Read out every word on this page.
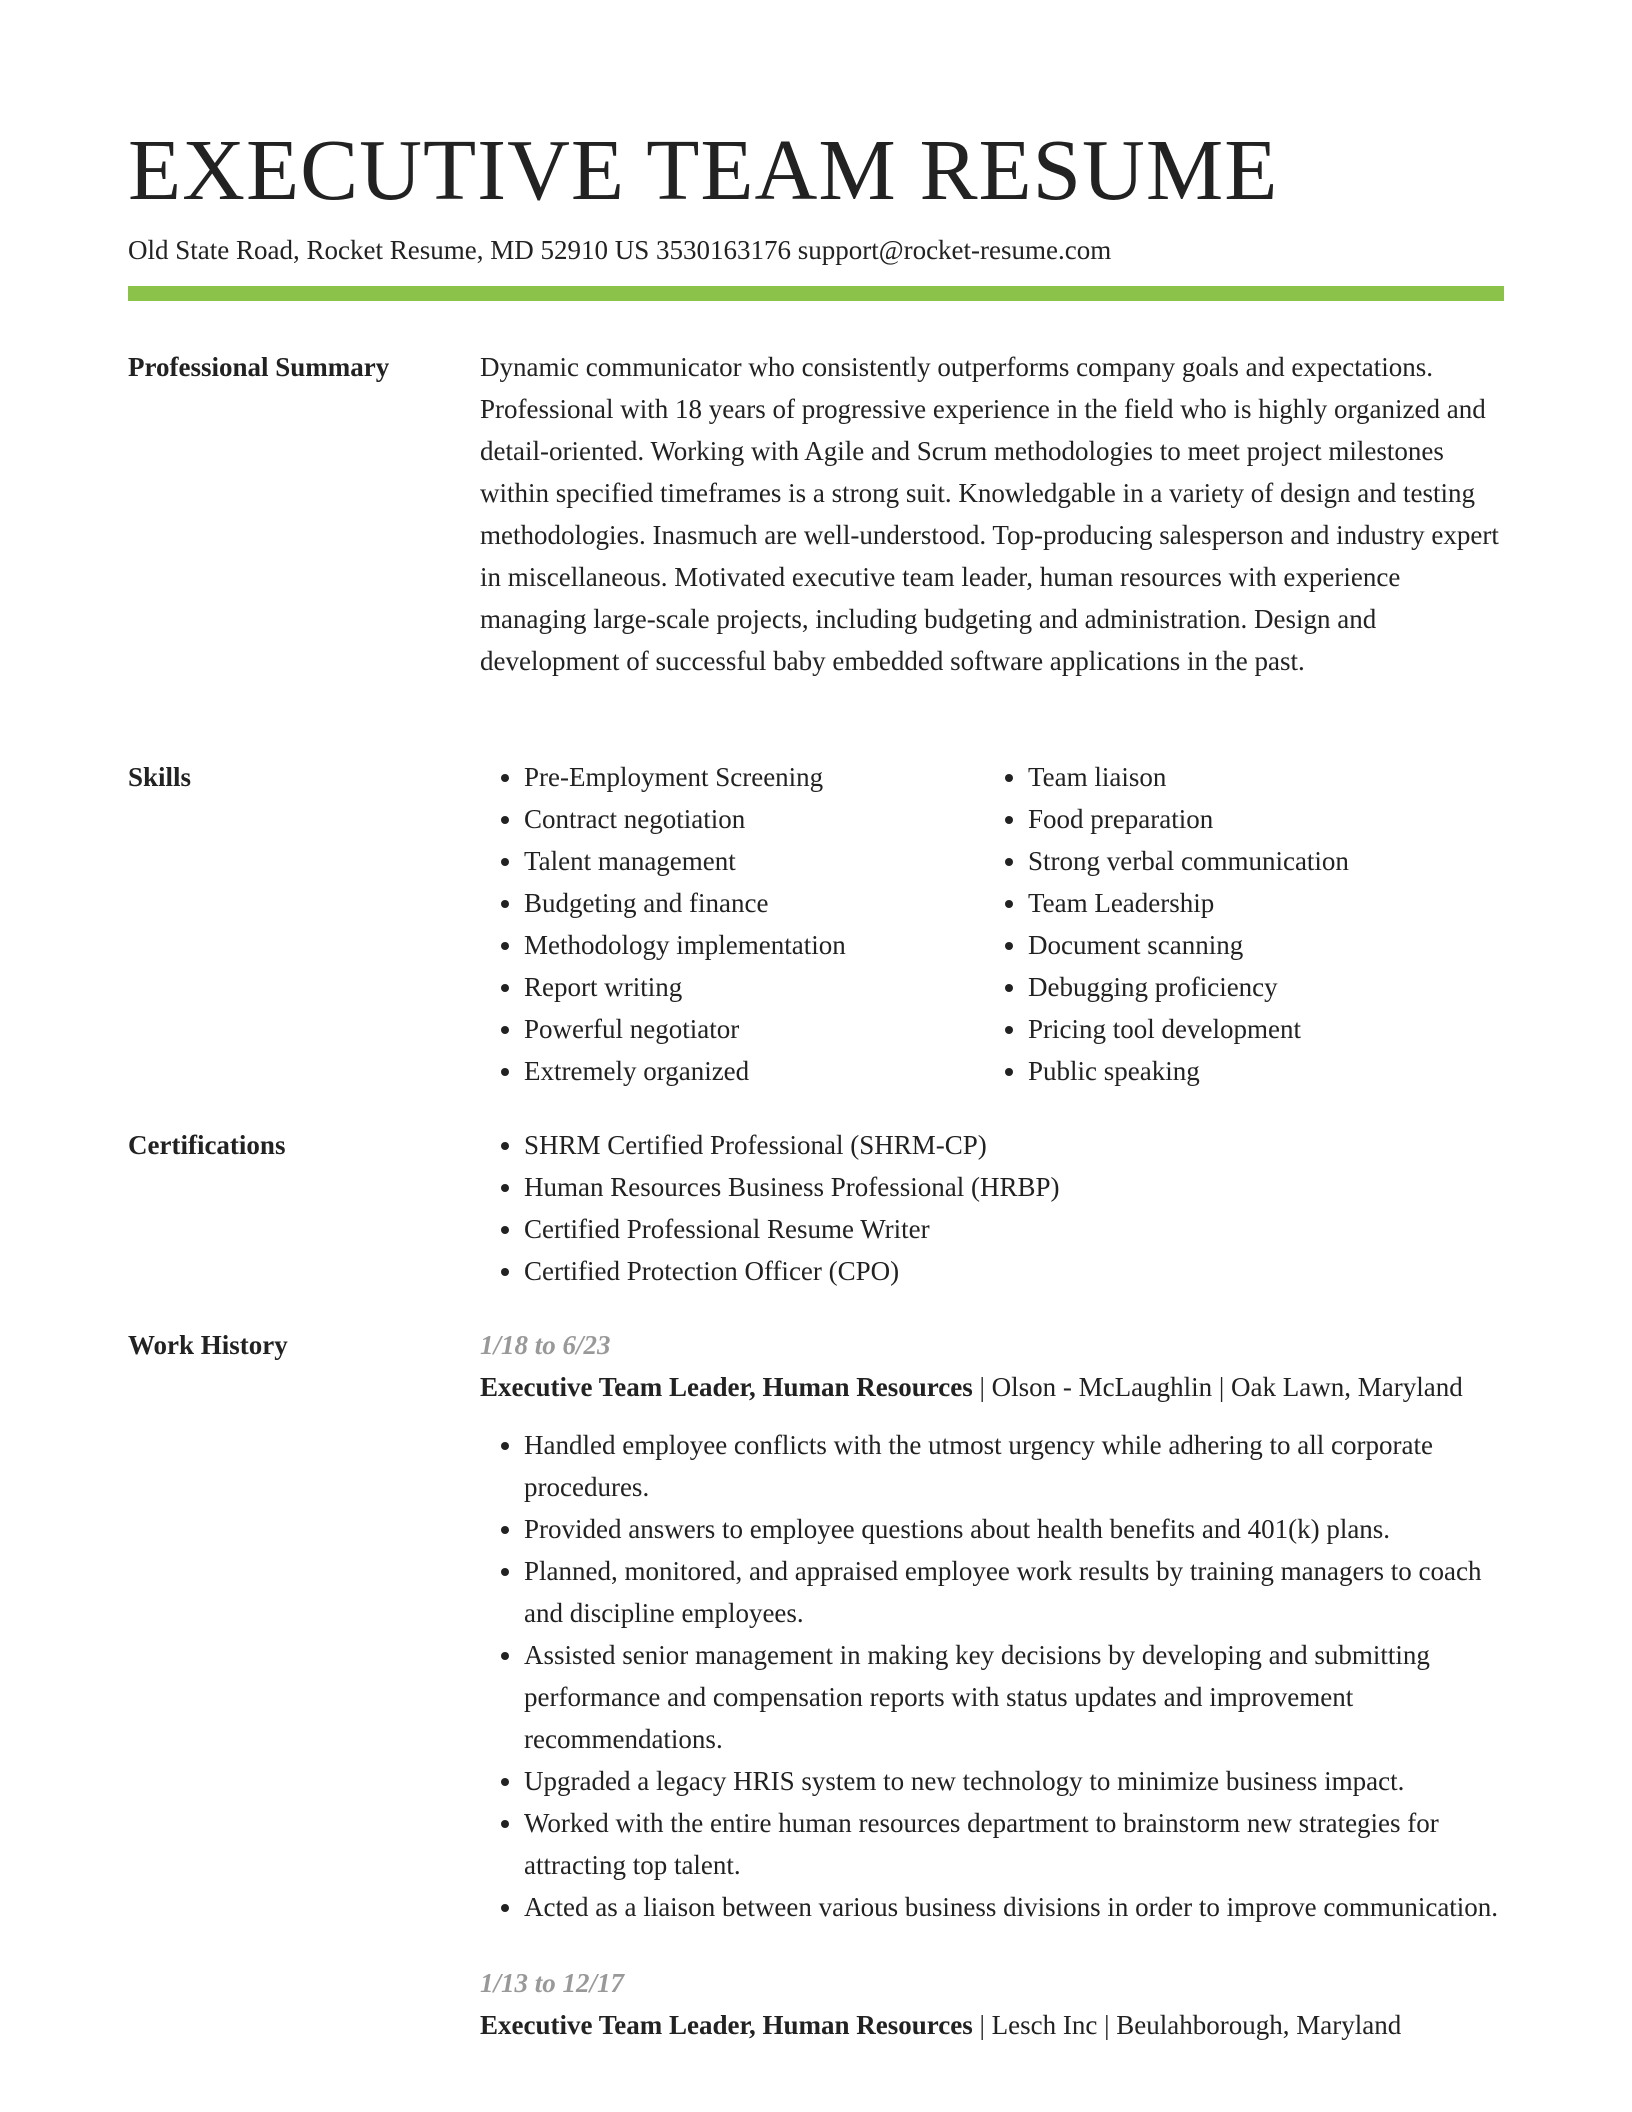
EXECUTIVE TEAM RESUME
Old State Road, Rocket Resume, MD 52910 US 3530163176 support@rocket-resume.com
Professional Summary	Dynamic communicator who consistently outperforms company goals and expectations. Professional with 18 years of progressive experience in the field who is highly organized and detail-oriented. Working with Agile and Scrum methodologies to meet project milestones within specified timeframes is a strong suit. Knowledgable in a variety of design and testing methodologies. Inasmuch are well-understood. Top-producing salesperson and industry expert in miscellaneous. Motivated executive team leader, human resources with experience managing large-scale projects, including budgeting and administration. Design and development of successful baby embedded software applications in the past.

Skills	• Pre-Employment Screening
• Contract negotiation
• Talent management
• Budgeting and finance
• Methodology implementation
• Report writing
• Powerful negotiator
• Extremely organized
• Team liaison
• Food preparation
• Strong verbal communication
• Team Leadership
• Document scanning
• Debugging proficiency
• Pricing tool development
• Public speaking
Certifications	• SHRM Certified Professional (SHRM-CP)
• Human Resources Business Professional (HRBP)
• Certified Professional Resume Writer
• Certified Protection Officer (CPO)
Work History	1/18 to 6/23
Executive Team Leader, Human Resources | Olson - McLaughlin | Oak Lawn, Maryland
• Handled employee conflicts with the utmost urgency while adhering to all corporate procedures.
• Provided answers to employee questions about health benefits and 401(k) plans.
• Planned, monitored, and appraised employee work results by training managers to coach and discipline employees.
• Assisted senior management in making key decisions by developing and submitting performance and compensation reports with status updates and improvement recommendations.
• Upgraded a legacy HRIS system to new technology to minimize business impact.
• Worked with the entire human resources department to brainstorm new strategies for attracting top talent.
• Acted as a liaison between various business divisions in order to improve communication.
1/13 to 12/17
Executive Team Leader, Human Resources | Lesch Inc | Beulahborough, Maryland
